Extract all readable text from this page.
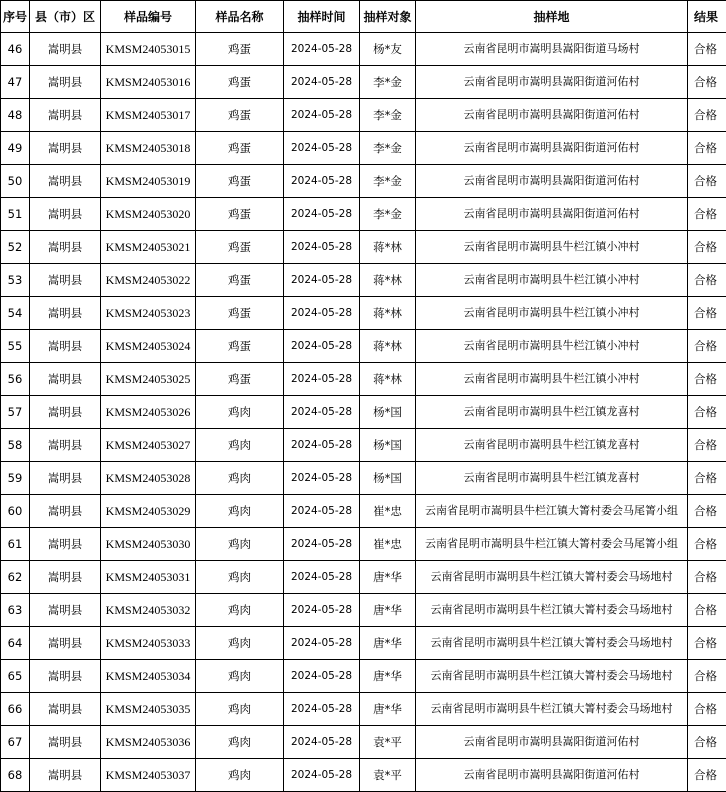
序号	县（市）区	样品编号	样品名称	抽样时间	抽样对象	抽样地	结果
46	嵩明县	KMSM24053015	鸡蛋	2024-05-28	杨*友	云南省昆明市嵩明县嵩阳街道马场村	合格
47	嵩明县	KMSM24053016	鸡蛋	2024-05-28	李*金	云南省昆明市嵩明县嵩阳街道河佑村	合格
48	嵩明县	KMSM24053017	鸡蛋	2024-05-28	李*金	云南省昆明市嵩明县嵩阳街道河佑村	合格
49	嵩明县	KMSM24053018	鸡蛋	2024-05-28	李*金	云南省昆明市嵩明县嵩阳街道河佑村	合格
50	嵩明县	KMSM24053019	鸡蛋	2024-05-28	李*金	云南省昆明市嵩明县嵩阳街道河佑村	合格
51	嵩明县	KMSM24053020	鸡蛋	2024-05-28	李*金	云南省昆明市嵩明县嵩阳街道河佑村	合格
52	嵩明县	KMSM24053021	鸡蛋	2024-05-28	蒋*林	云南省昆明市嵩明县牛栏江镇小冲村	合格
53	嵩明县	KMSM24053022	鸡蛋	2024-05-28	蒋*林	云南省昆明市嵩明县牛栏江镇小冲村	合格
54	嵩明县	KMSM24053023	鸡蛋	2024-05-28	蒋*林	云南省昆明市嵩明县牛栏江镇小冲村	合格
55	嵩明县	KMSM24053024	鸡蛋	2024-05-28	蒋*林	云南省昆明市嵩明县牛栏江镇小冲村	合格
56	嵩明县	KMSM24053025	鸡蛋	2024-05-28	蒋*林	云南省昆明市嵩明县牛栏江镇小冲村	合格
57	嵩明县	KMSM24053026	鸡肉	2024-05-28	杨*国	云南省昆明市嵩明县牛栏江镇龙喜村	合格
58	嵩明县	KMSM24053027	鸡肉	2024-05-28	杨*国	云南省昆明市嵩明县牛栏江镇龙喜村	合格
59	嵩明县	KMSM24053028	鸡肉	2024-05-28	杨*国	云南省昆明市嵩明县牛栏江镇龙喜村	合格
60	嵩明县	KMSM24053029	鸡肉	2024-05-28	崔*忠	云南省昆明市嵩明县牛栏江镇大箐村委会马尾箐小组	合格
61	嵩明县	KMSM24053030	鸡肉	2024-05-28	崔*忠	云南省昆明市嵩明县牛栏江镇大箐村委会马尾箐小组	合格
62	嵩明县	KMSM24053031	鸡肉	2024-05-28	唐*华	云南省昆明市嵩明县牛栏江镇大箐村委会马场地村	合格
63	嵩明县	KMSM24053032	鸡肉	2024-05-28	唐*华	云南省昆明市嵩明县牛栏江镇大箐村委会马场地村	合格
64	嵩明县	KMSM24053033	鸡肉	2024-05-28	唐*华	云南省昆明市嵩明县牛栏江镇大箐村委会马场地村	合格
65	嵩明县	KMSM24053034	鸡肉	2024-05-28	唐*华	云南省昆明市嵩明县牛栏江镇大箐村委会马场地村	合格
66	嵩明县	KMSM24053035	鸡肉	2024-05-28	唐*华	云南省昆明市嵩明县牛栏江镇大箐村委会马场地村	合格
67	嵩明县	KMSM24053036	鸡肉	2024-05-28	袁*平	云南省昆明市嵩明县嵩阳街道河佑村	合格
68	嵩明县	KMSM24053037	鸡肉	2024-05-28	袁*平	云南省昆明市嵩明县嵩阳街道河佑村	合格
